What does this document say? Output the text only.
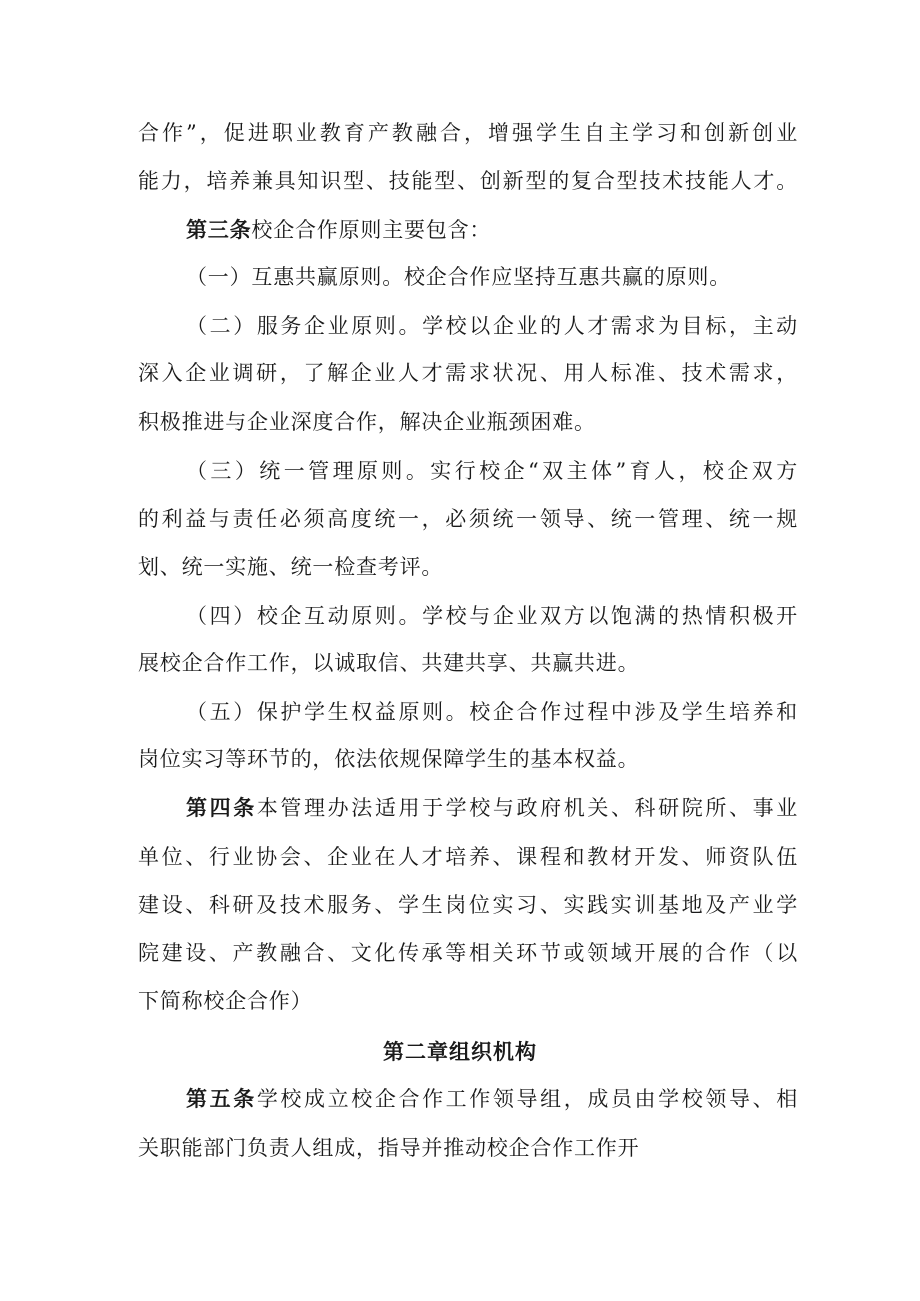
合作”，促进职业教育产教融合，增强学生自主学习和创新创业
能力，培养兼具知识型、技能型、创新型的复合型技术技能人才。
第三条校企合作原则主要包含：
（一）互惠共赢原则。校企合作应坚持互惠共赢的原则。
（二）服务企业原则。学校以企业的人才需求为目标，主动
深入企业调研，了解企业人才需求状况、用人标准、技术需求，
积极推进与企业深度合作，解决企业瓶颈困难。
（三）统一管理原则。实行校企“双主体”育人，校企双方
的利益与责任必须高度统一，必须统一领导、统一管理、统一规
划、统一实施、统一检查考评。
（四）校企互动原则。学校与企业双方以饱满的热情积极开
展校企合作工作，以诚取信、共建共享、共赢共进。
（五）保护学生权益原则。校企合作过程中涉及学生培养和
岗位实习等环节的，依法依规保障学生的基本权益。
第四条本管理办法适用于学校与政府机关、科研院所、事业
单位、行业协会、企业在人才培养、课程和教材开发、师资队伍
建设、科研及技术服务、学生岗位实习、实践实训基地及产业学
院建设、产教融合、文化传承等相关环节或领域开展的合作（以
下简称校企合作）
第二章组织机构
第五条学校成立校企合作工作领导组，成员由学校领导、相
关职能部门负责人组成，指导并推动校企合作工作开
